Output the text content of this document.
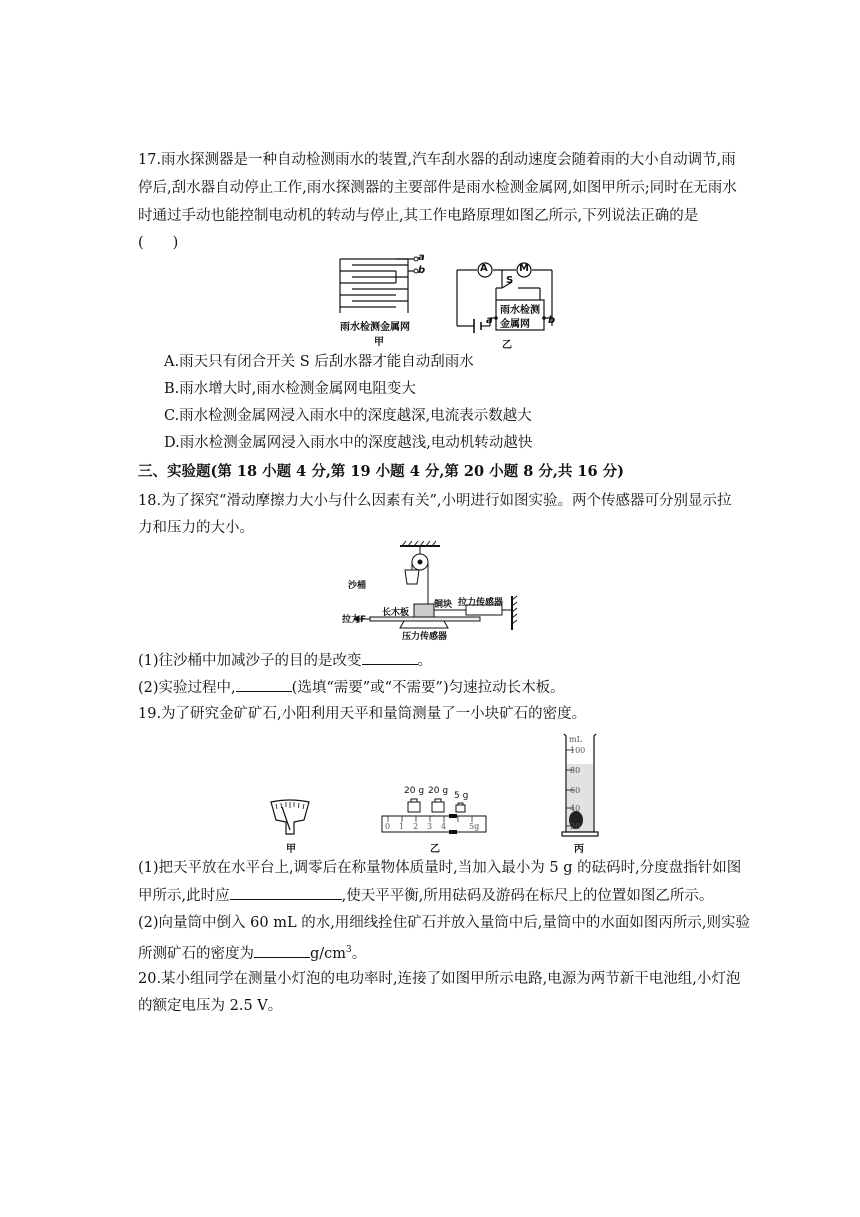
17.雨水探测器是一种自动检测雨水的装置,汽车刮水器的刮动速度会随着雨的大小自动调节,雨
停后,刮水器自动停止工作,雨水探测器的主要部件是雨水检测金属网,如图甲所示;同时在无雨水
时通过手动也能控制电动机的转动与停止,其工作电路原理如图乙所示,下列说法正确的是
(　　)
a
b
雨水检测金属网
甲
A	M
S
雨水检测
金属网
a	b
乙
A.雨天只有闭合开关 S 后刮水器才能自动刮雨水
B.雨水增大时,雨水检测金属网电阻变大
C.雨水检测金属网浸入雨水中的深度越深,电流表示数越大
D.雨水检测金属网浸入雨水中的深度越浅,电动机转动越快
三、实验题(第 18 小题 4 分,第 19 小题 4 分,第 20 小题 8 分,共 16 分)
18.为了探究“滑动摩擦力大小与什么因素有关”,小明进行如图实验。两个传感器可分别显示拉
力和压力的大小。
沙桶
铜块 拉力传感器
长木板
拉力F
压力传感器
(1)往沙桶中加减沙子的目的是改变	。
(2)实验过程中,	(选填“需要”或“不需要”)匀速拉动长木板。
19.为了研究金矿矿石,小阳利用天平和量筒测量了一小块矿石的密度。
甲
20 g 20 g 5 g
0 1 2 3 4	5g
乙
mL
100
80
60
40
20
丙
(1)把天平放在水平台上,调零后在称量物体质量时,当加入最小为 5 g 的砝码时,分度盘指针如图
甲所示,此时应	,使天平平衡,所用砝码及游码在标尺上的位置如图乙所示。
(2)向量筒中倒入 60 mL 的水,用细线拴住矿石并放入量筒中后,量筒中的水面如图丙所示,则实验
所测矿石的密度为	$g/cm^3$。
20.某小组同学在测量小灯泡的电功率时,连接了如图甲所示电路,电源为两节新干电池组,小灯泡
的额定电压为 2.5 V。
